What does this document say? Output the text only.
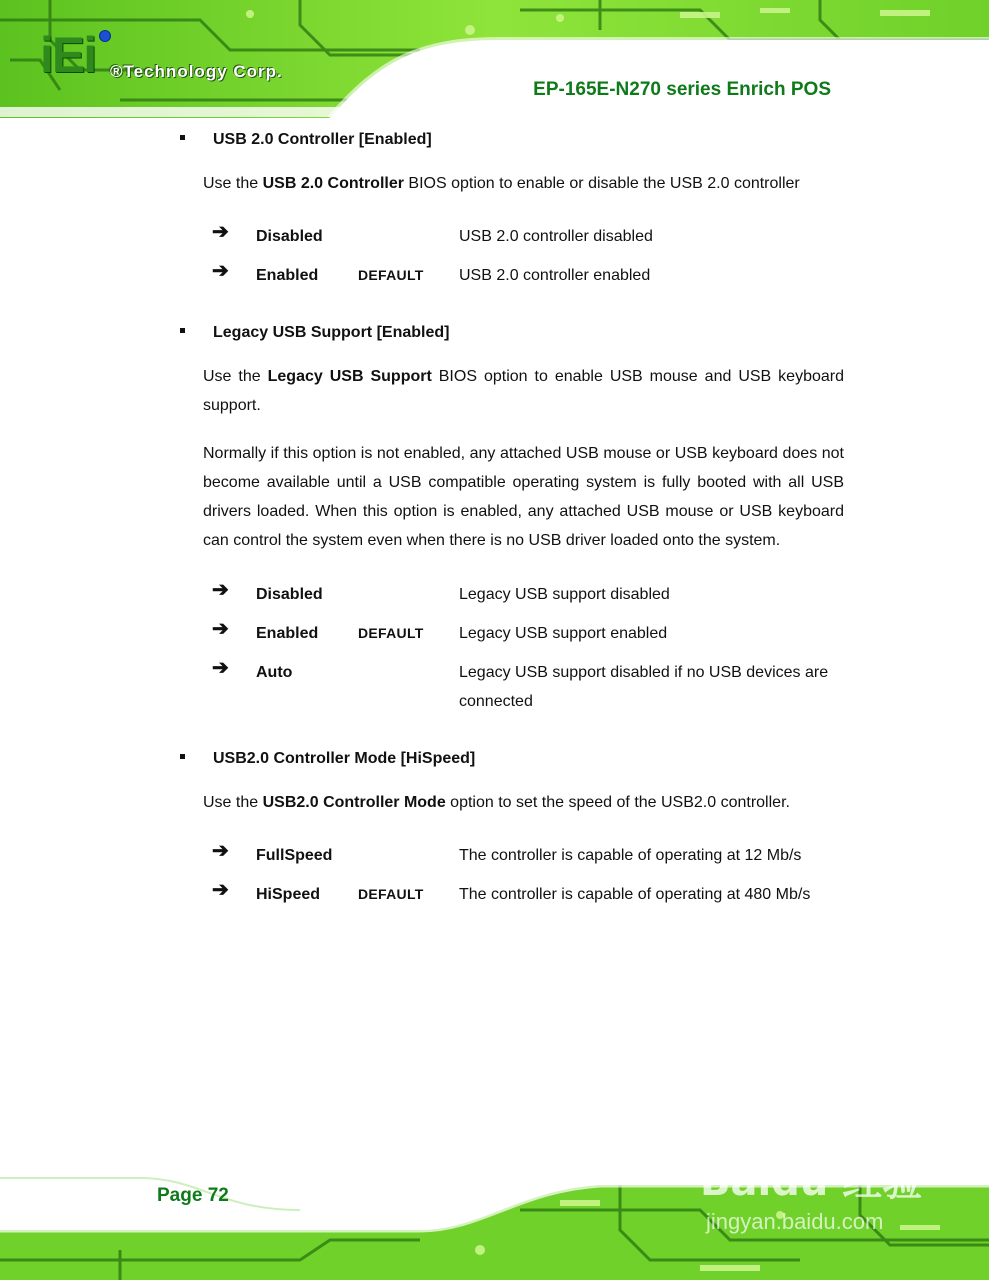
iEi ®Technology Corp.
EP-165E-N270 series Enrich POS
USB 2.0 Controller [Enabled]
Use the USB 2.0 Controller BIOS option to enable or disable the USB 2.0 controller
➔ Disabled	USB 2.0 controller disabled
➔ Enabled	DEFAULT USB 2.0 controller enabled
Legacy USB Support [Enabled]
Use the Legacy USB Support BIOS option to enable USB mouse and USB keyboard support.
Normally if this option is not enabled, any attached USB mouse or USB keyboard does not become available until a USB compatible operating system is fully booted with all USB drivers loaded. When this option is enabled, any attached USB mouse or USB keyboard can control the system even when there is no USB driver loaded onto the system.
➔ Disabled	Legacy USB support disabled
➔ Enabled	DEFAULT Legacy USB support enabled
➔ Auto	Legacy USB support disabled if no USB devices are connected
USB2.0 Controller Mode [HiSpeed]
Use the USB2.0 Controller Mode option to set the speed of the USB2.0 controller.
➔ FullSpeed	The controller is capable of operating at 12 Mb/s
➔ HiSpeed	DEFAULT The controller is capable of operating at 480 Mb/s
Page 72	Baidu 经验
jingyan.baidu.com
